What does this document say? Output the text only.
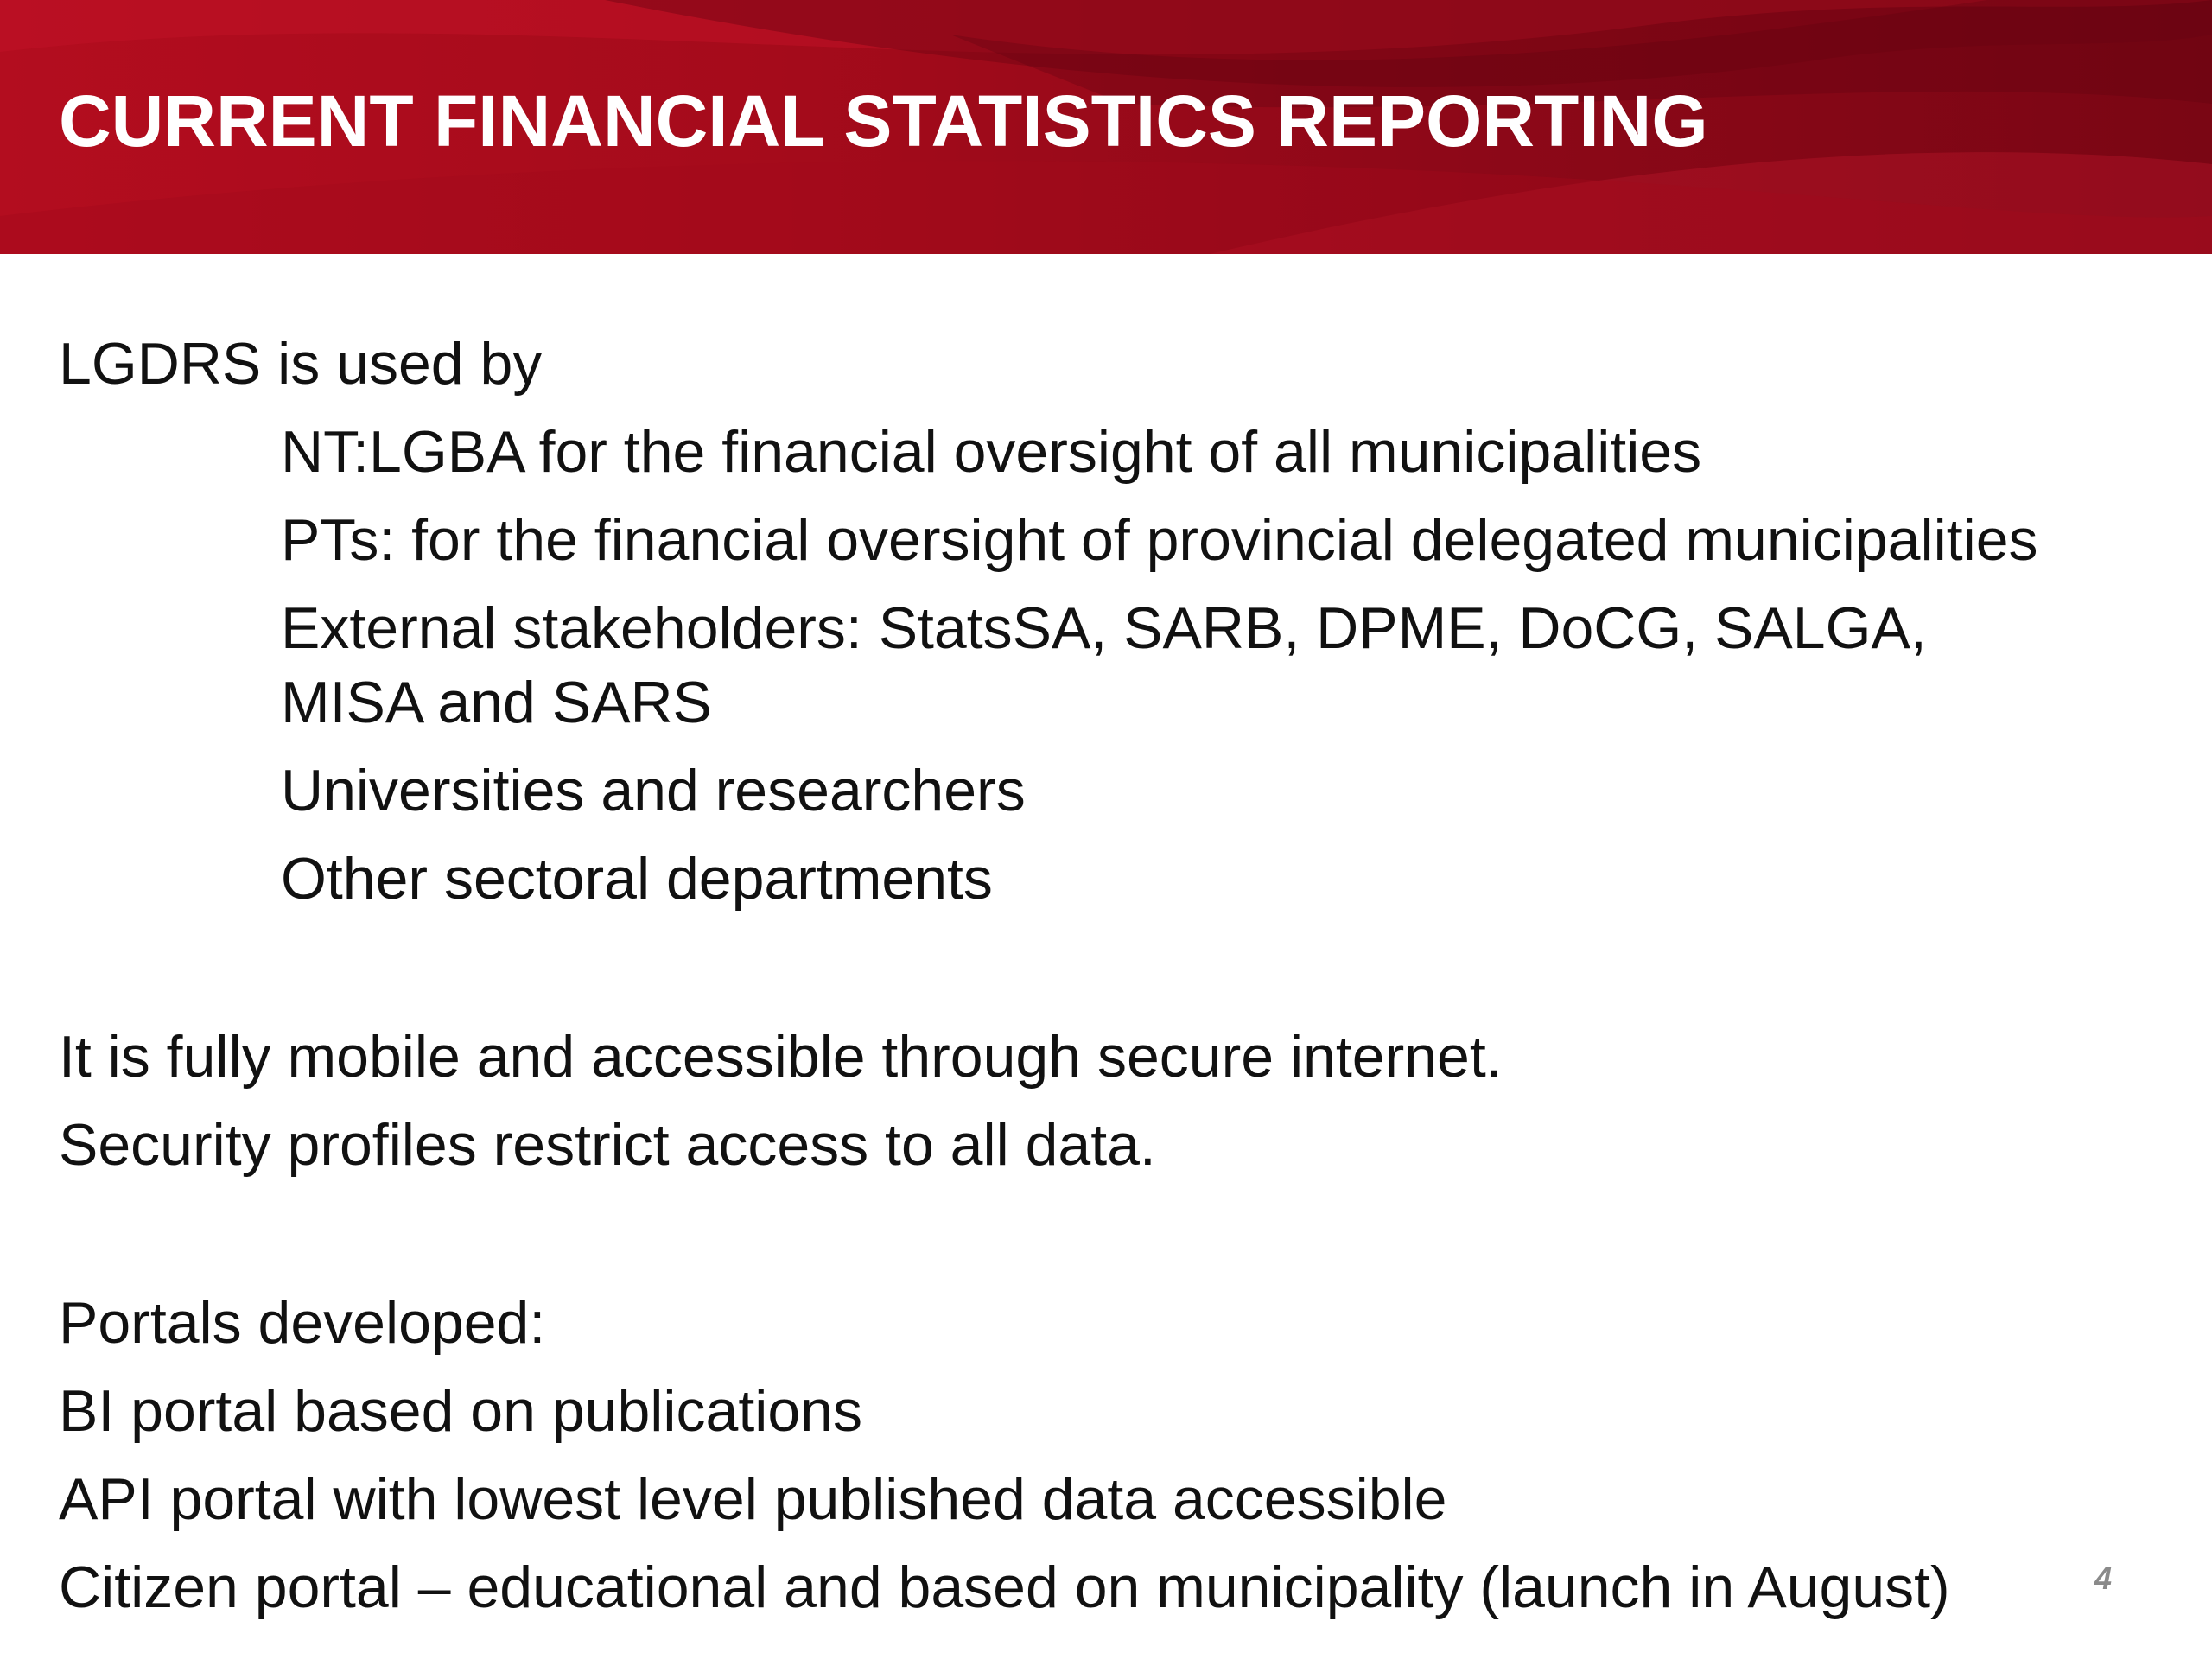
CURRENT FINANCIAL STATISTICS REPORTING

LGDRS is used by

NT:LGBA for the financial oversight of all municipalities

PTs: for the financial oversight of provincial delegated municipalities

External stakeholders: StatsSA, SARB, DPME, DoCG, SALGA,

MISA and SARS

Universities and researchers

Other sectoral departments

It is fully mobile and accessible through secure internet.

Security profiles restrict access to all data.

Portals developed:

BI portal based on publications

API portal with lowest level published data accessible

Citizen portal – educational and based on municipality (launch in August)	4
